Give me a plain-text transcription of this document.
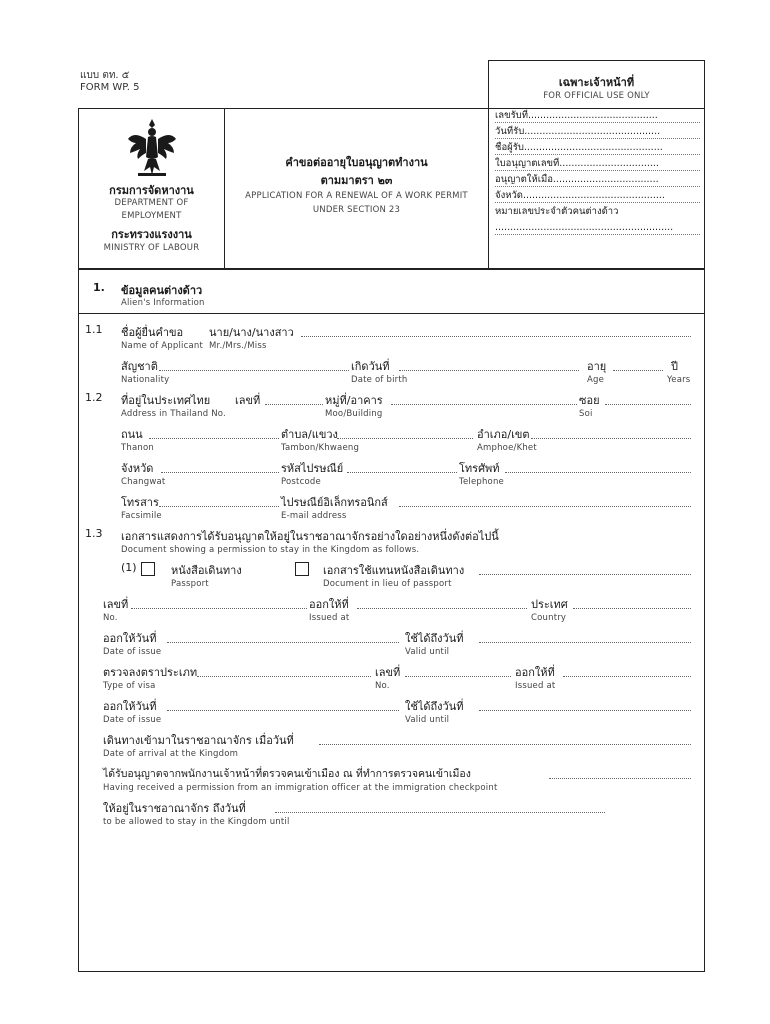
แบบ ตท. ๕
FORM WP. 5	เฉพาะเจ้าหน้าที่
FOR OFFICIAL USE ONLY
เลขรับที่...........................................
วันที่รับ.............................................
ชื่อผู้รับ..............................................
ใบอนุญาตเลขที่.................................
อนุญาตให้เมื่อ...................................
จังหวัด...............................................
หมายเลขประจำตัวคนต่างด้าว
...........................................................
กรมการจัดหางาน
DEPARTMENT OF
EMPLOYMENT
กระทรวงแรงงาน
MINISTRY OF LABOUR
คำขอต่ออายุใบอนุญาตทำงาน
ตามมาตรา ๒๓
APPLICATION FOR A RENEWAL OF A WORK PERMIT
UNDER SECTION 23
1. ข้อมูลคนต่างด้าว
Alien's Information
1.1 ชื่อผู้ยื่นคำขอ นาย/นาง/นางสาว
Name of Applicant Mr./Mrs./Miss
สัญชาติ	เกิดวันที่	อายุ	ปี
Nationality	Date of birth	Age	Years
1.2 ที่อยู่ในประเทศไทย เลขที่	หมู่ที่/อาคาร	ซอย
Address in Thailand No.	Moo/Building	Soi
ถนน	ตำบล/แขวง	อำเภอ/เขต
Thanon	Tambon/Khwaeng	Amphoe/Khet
จังหวัด	รหัสไปรษณีย์	โทรศัพท์
Changwat	Postcode	Telephone
โทรสาร	ไปรษณีย์อิเล็กทรอนิกส์
Facsimile	E-mail address
1.3 เอกสารแสดงการได้รับอนุญาตให้อยู่ในราชอาณาจักรอย่างใดอย่างหนึ่งดังต่อไปนี้
Document showing a permission to stay in the Kingdom as follows.
(1)	หนังสือเดินทาง	เอกสารใช้แทนหนังสือเดินทาง
Passport	Document in lieu of passport
เลขที่	ออกให้ที่	ประเทศ
No.	Issued at	Country
ออกให้วันที่	ใช้ได้ถึงวันที่
Date of issue	Valid until
ตรวจลงตราประเภท	เลขที่	ออกให้ที่
Type of visa	No.	Issued at
ออกให้วันที่	ใช้ได้ถึงวันที่
Date of issue	Valid until
เดินทางเข้ามาในราชอาณาจักร เมื่อวันที่
Date of arrival at the Kingdom
ได้รับอนุญาตจากพนักงานเจ้าหน้าที่ตรวจคนเข้าเมือง ณ ที่ทำการตรวจคนเข้าเมือง
Having received a permission from an immigration officer at the immigration checkpoint
ให้อยู่ในราชอาณาจักร ถึงวันที่
to be allowed to stay in the Kingdom until
